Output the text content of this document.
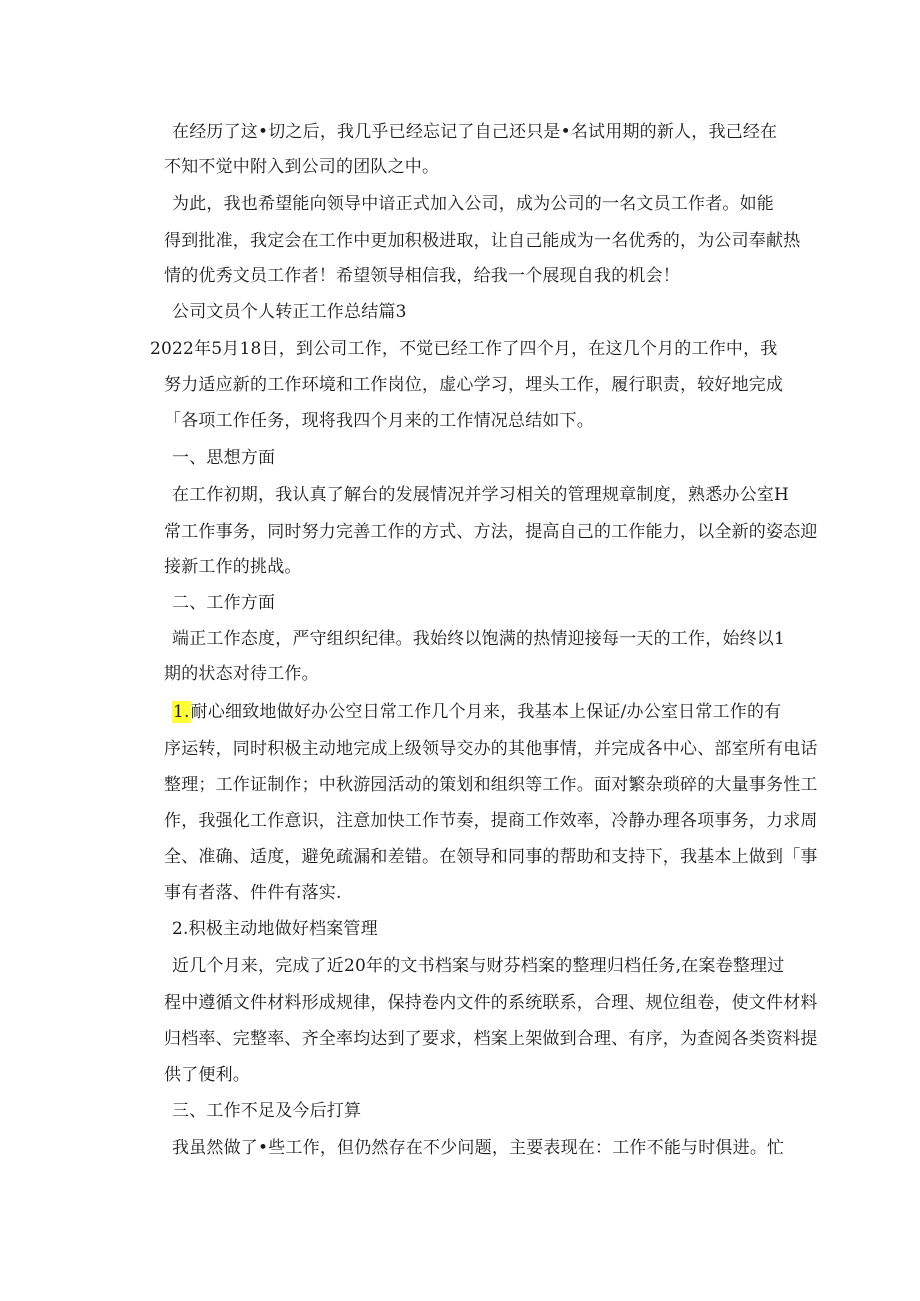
在经历了这•切之后，我几乎已经忘记了自己还只是•名试用期的新人，我己经在
不知不觉中附入到公司的团队之中。
为此，我也希望能向领导中谙正式加入公司，成为公司的一名文员工作者。如能
得到批准，我定会在工作中更加积极进取，让自己能成为一名优秀的，为公司奉献热
情的优秀文员工作者！希望领导相信我，给我一个展现自我的机会！
公司文员个人转正工作总结篇3
2022年5月18日，到公司工作，不觉已经工作了四个月，在这几个月的工作中，我
努力适应新的工作环境和工作岗位，虚心学习，埋头工作，履行职责，较好地完成
「各项工作任务，现将我四个月来的工作情况总结如下。
一、思想方面
在工作初期，我认真了解台的发展情况并学习相关的管理规章制度，熟悉办公室H
常工作事务，同时努力完善工作的方式、方法，提高自己的工作能力，以全新的姿态迎
接新工作的挑战。
二、工作方面
端正工作态度，严守组织纪律。我始终以饱满的热情迎接每一天的工作，始终以1
期的状态对待工作。
1.耐心细致地做好办公空日常工作几个月来，我基本上保证/办公室日常工作的有
序运转，同时积极主动地完成上级领导交办的其他事情，并完成各中心、部室所有电话
整理；工作证制作；中秋游园活动的策划和组织等工作。面对繁杂琐碎的大量事务性工
作，我强化工作意识，注意加快工作节奏，提商工作效率，冷静办理各项事务，力求周
全、准确、适度，避免疏漏和差错。在领导和同事的帮助和支持下，我基本上做到「事
事有者落、件件有落实.
2.积极主动地做好档案管理
近几个月来，完成了近20年的文书档案与财芬档案的整理归档任务,在案卷整理过
程中遵循文件材料形成规律，保持卷内文件的系统联系，合理、规位组卷，使文件材料
归档率、完整率、齐全率均达到了要求，档案上架做到合理、有序，为查阅各类资料提
供了便利。
三、工作不足及今后打算
我虽然做了•些工作，但仍然存在不少问题，主要表现在：工作不能与时俱进。忙
